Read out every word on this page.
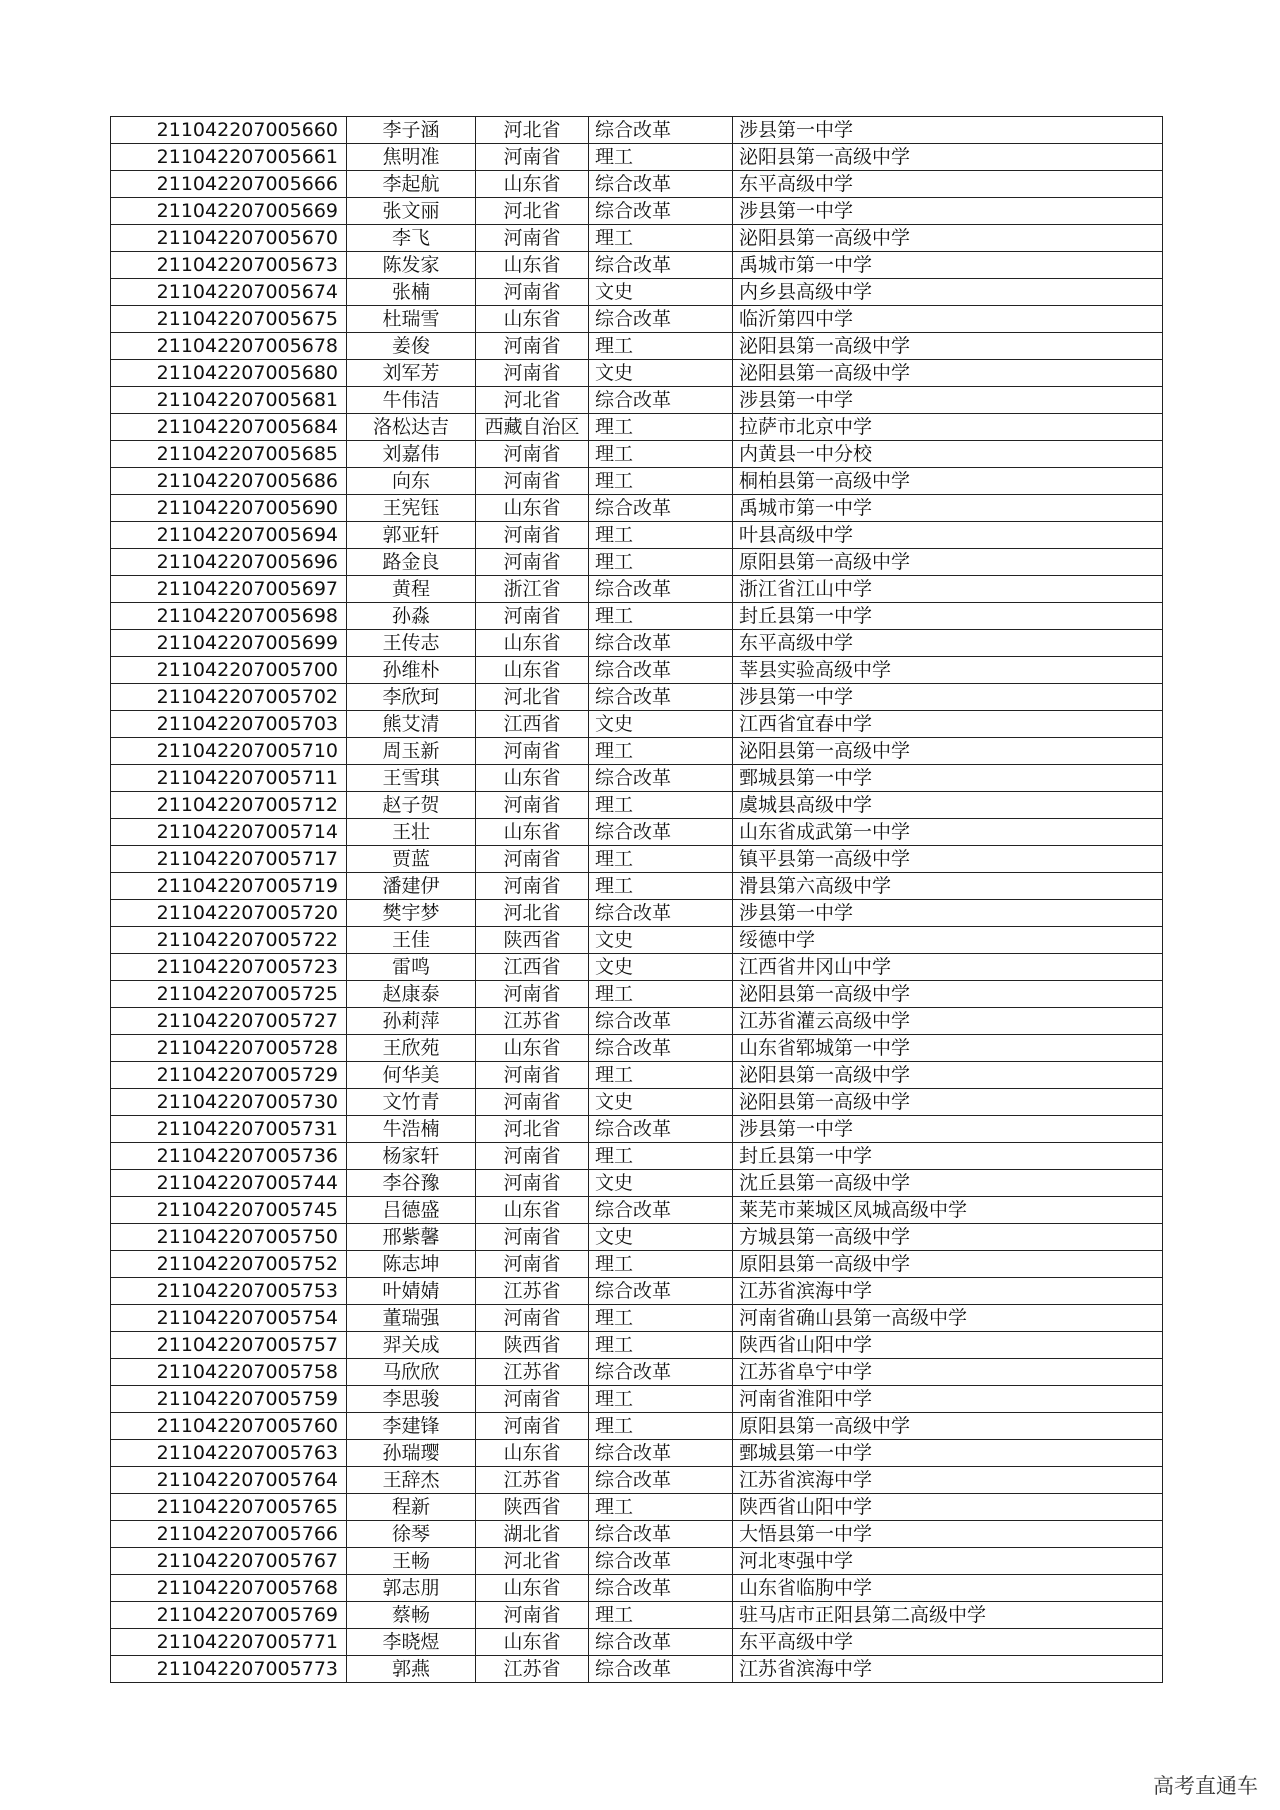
211042207005660	李子涵	河北省	综合改革	涉县第一中学
211042207005661	焦明准	河南省	理工	泌阳县第一高级中学
211042207005666	李起航	山东省	综合改革	东平高级中学
211042207005669	张文丽	河北省	综合改革	涉县第一中学
211042207005670	李飞	河南省	理工	泌阳县第一高级中学
211042207005673	陈发家	山东省	综合改革	禹城市第一中学
211042207005674	张楠	河南省	文史	内乡县高级中学
211042207005675	杜瑞雪	山东省	综合改革	临沂第四中学
211042207005678	姜俊	河南省	理工	泌阳县第一高级中学
211042207005680	刘军芳	河南省	文史	泌阳县第一高级中学
211042207005681	牛伟洁	河北省	综合改革	涉县第一中学
211042207005684	洛松达吉	西藏自治区	理工	拉萨市北京中学
211042207005685	刘嘉伟	河南省	理工	内黄县一中分校
211042207005686	向东	河南省	理工	桐柏县第一高级中学
211042207005690	王宪钰	山东省	综合改革	禹城市第一中学
211042207005694	郭亚轩	河南省	理工	叶县高级中学
211042207005696	路金良	河南省	理工	原阳县第一高级中学
211042207005697	黄程	浙江省	综合改革	浙江省江山中学
211042207005698	孙淼	河南省	理工	封丘县第一中学
211042207005699	王传志	山东省	综合改革	东平高级中学
211042207005700	孙维朴	山东省	综合改革	莘县实验高级中学
211042207005702	李欣珂	河北省	综合改革	涉县第一中学
211042207005703	熊艾清	江西省	文史	江西省宜春中学
211042207005710	周玉新	河南省	理工	泌阳县第一高级中学
211042207005711	王雪琪	山东省	综合改革	鄄城县第一中学
211042207005712	赵子贺	河南省	理工	虞城县高级中学
211042207005714	王壮	山东省	综合改革	山东省成武第一中学
211042207005717	贾蓝	河南省	理工	镇平县第一高级中学
211042207005719	潘建伊	河南省	理工	滑县第六高级中学
211042207005720	樊宇梦	河北省	综合改革	涉县第一中学
211042207005722	王佳	陕西省	文史	绥德中学
211042207005723	雷鸣	江西省	文史	江西省井冈山中学
211042207005725	赵康泰	河南省	理工	泌阳县第一高级中学
211042207005727	孙莉萍	江苏省	综合改革	江苏省灌云高级中学
211042207005728	王欣苑	山东省	综合改革	山东省郓城第一中学
211042207005729	何华美	河南省	理工	泌阳县第一高级中学
211042207005730	文竹青	河南省	文史	泌阳县第一高级中学
211042207005731	牛浩楠	河北省	综合改革	涉县第一中学
211042207005736	杨家轩	河南省	理工	封丘县第一中学
211042207005744	李谷豫	河南省	文史	沈丘县第一高级中学
211042207005745	吕德盛	山东省	综合改革	莱芜市莱城区凤城高级中学
211042207005750	邢紫馨	河南省	文史	方城县第一高级中学
211042207005752	陈志坤	河南省	理工	原阳县第一高级中学
211042207005753	叶婧婧	江苏省	综合改革	江苏省滨海中学
211042207005754	董瑞强	河南省	理工	河南省确山县第一高级中学
211042207005757	羿关成	陕西省	理工	陕西省山阳中学
211042207005758	马欣欣	江苏省	综合改革	江苏省阜宁中学
211042207005759	李思骏	河南省	理工	河南省淮阳中学
211042207005760	李建锋	河南省	理工	原阳县第一高级中学
211042207005763	孙瑞璎	山东省	综合改革	鄄城县第一中学
211042207005764	王辞杰	江苏省	综合改革	江苏省滨海中学
211042207005765	程新	陕西省	理工	陕西省山阳中学
211042207005766	徐琴	湖北省	综合改革	大悟县第一中学
211042207005767	王畅	河北省	综合改革	河北枣强中学
211042207005768	郭志朋	山东省	综合改革	山东省临朐中学
211042207005769	蔡畅	河南省	理工	驻马店市正阳县第二高级中学
211042207005771	李晓煜	山东省	综合改革	东平高级中学
211042207005773	郭燕	江苏省	综合改革	江苏省滨海中学
高考直通车
